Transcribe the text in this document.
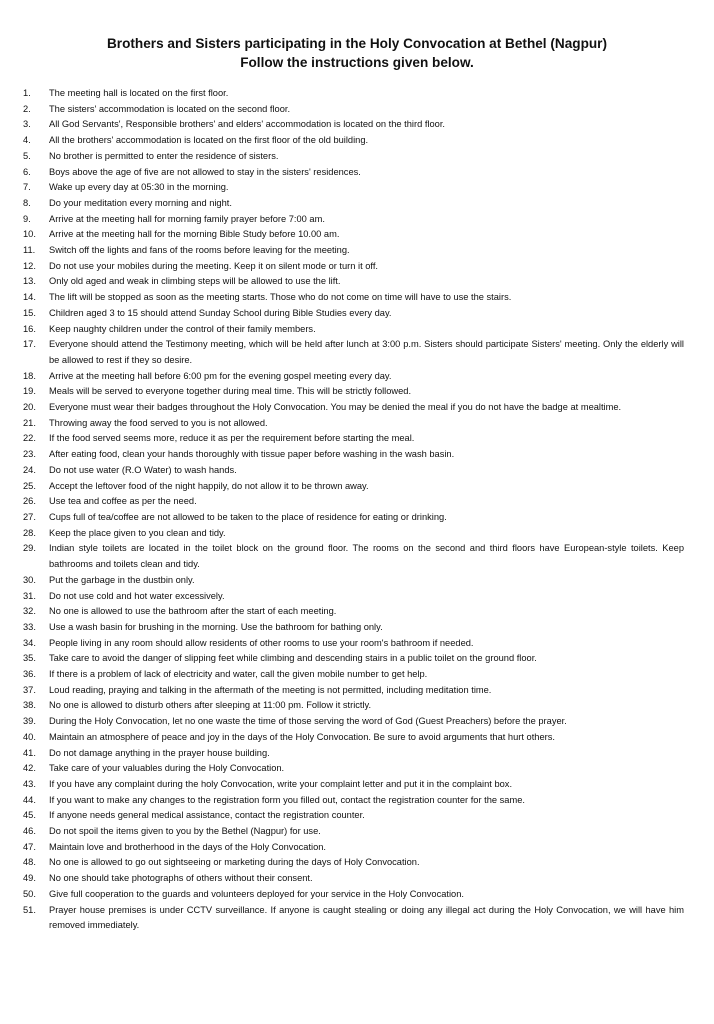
Brothers and Sisters participating in the Holy Convocation at Bethel (Nagpur)
Follow the instructions given below.
1.	The meeting hall is located on the first floor.
2.	The sisters' accommodation is located on the second floor.
3.	All God Servants', Responsible brothers' and elders' accommodation is located on the third floor.
4.	All the brothers' accommodation is located on the first floor of the old building.
5.	No brother is permitted to enter the residence of sisters.
6.	Boys above the age of five are not allowed to stay in the sisters' residences.
7.	Wake up every day at 05:30 in the morning.
8.	Do your meditation every morning and night.
9.	Arrive at the meeting hall for morning family prayer before 7:00 am.
10.	Arrive at the meeting hall for the morning Bible Study before 10.00 am.
11.	Switch off the lights and fans of the rooms before leaving for the meeting.
12.	Do not use your mobiles during the meeting. Keep it on silent mode or turn it off.
13.	Only old aged and weak in climbing steps will be allowed to use the lift.
14.	The lift will be stopped as soon as the meeting starts. Those who do not come on time will have to use the stairs.
15.	Children aged 3 to 15 should attend Sunday School during Bible Studies every day.
16.	Keep naughty children under the control of their family members.
17.	Everyone should attend the Testimony meeting, which will be held after lunch at 3:00 p.m. Sisters should participate Sisters' meeting. Only the elderly will be allowed to rest if they so desire.
18.	Arrive at the meeting hall before 6:00 pm for the evening gospel meeting every day.
19.	Meals will be served to everyone together during meal time. This will be strictly followed.
20.	Everyone must wear their badges throughout the Holy Convocation. You may be denied the meal if you do not have the badge at mealtime.
21.	Throwing away the food served to you is not allowed.
22.	If the food served seems more, reduce it as per the requirement before starting the meal.
23.	After eating food, clean your hands thoroughly with tissue paper before washing in the wash basin.
24.	Do not use water (R.O Water) to wash hands.
25.	Accept the leftover food of the night happily, do not allow it to be thrown away.
26.	Use tea and coffee as per the need.
27.	Cups full of tea/coffee are not allowed to be taken to the place of residence for eating or drinking.
28.	Keep the place given to you clean and tidy.
29.	Indian style toilets are located in the toilet block on the ground floor. The rooms on the second and third floors have European-style toilets. Keep bathrooms and toilets clean and tidy.
30.	Put the garbage in the dustbin only.
31.	Do not use cold and hot water excessively.
32.	No one is allowed to use the bathroom after the start of each meeting.
33.	Use a wash basin for brushing in the morning. Use the bathroom for bathing only.
34.	People living in any room should allow residents of other rooms to use your room's bathroom if needed.
35.	Take care to avoid the danger of slipping feet while climbing and descending stairs in a public toilet on the ground floor.
36.	If there is a problem of lack of electricity and water, call the given mobile number to get help.
37.	Loud reading, praying and talking in the aftermath of the meeting is not permitted, including meditation time.
38.	No one is allowed to disturb others after sleeping at 11:00 pm. Follow it strictly.
39.	During the Holy Convocation, let no one waste the time of those serving the word of God (Guest Preachers) before the prayer.
40.	Maintain an atmosphere of peace and joy in the days of the Holy Convocation. Be sure to avoid arguments that hurt others.
41.	Do not damage anything in the prayer house building.
42.	Take care of your valuables during the Holy Convocation.
43.	If you have any complaint during the holy Convocation, write your complaint letter and put it in the complaint box.
44.	If you want to make any changes to the registration form you filled out, contact the registration counter for the same.
45.	If anyone needs general medical assistance, contact the registration counter.
46.	Do not spoil the items given to you by the Bethel (Nagpur) for use.
47.	Maintain love and brotherhood in the days of the Holy Convocation.
48.	No one is allowed to go out sightseeing or marketing during the days of Holy Convocation.
49.	No one should take photographs of others without their consent.
50.	Give full cooperation to the guards and volunteers deployed for your service in the Holy Convocation.
51.	Prayer house premises is under CCTV surveillance. If anyone is caught stealing or doing any illegal act during the Holy Convocation, we will have him removed immediately.
